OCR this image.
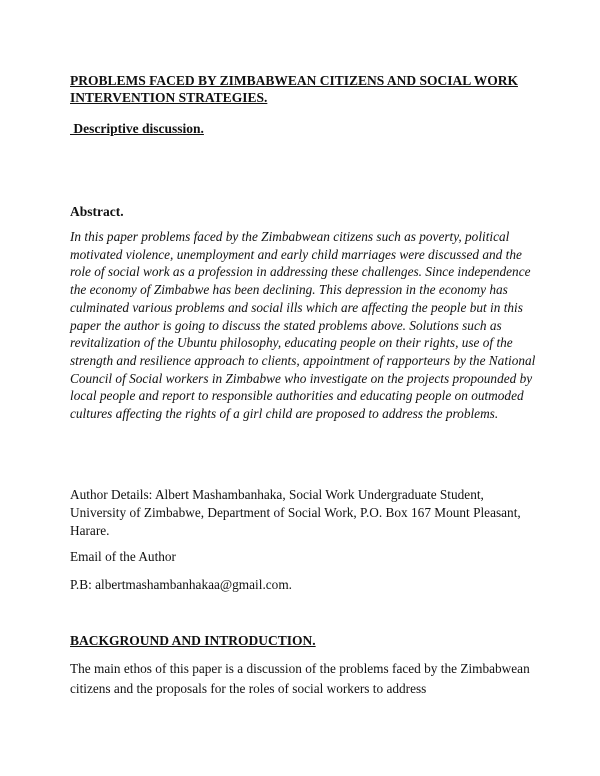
PROBLEMS FACED BY ZIMBABWEAN CITIZENS AND SOCIAL WORK INTERVENTION STRATEGIES.

Descriptive discussion.

Abstract.

In this paper problems faced by the Zimbabwean citizens such as poverty, political motivated violence, unemployment and early child marriages were discussed and the role of social work as a profession in addressing these challenges. Since independence the economy of Zimbabwe has been declining. This depression in the economy has culminated various problems and social ills which are affecting the people but in this paper the author is going to discuss the stated problems above. Solutions such as revitalization of the Ubuntu philosophy, educating people on their rights, use of the strength and resilience approach to clients, appointment of rapporteurs by the National Council of Social workers in Zimbabwe who investigate on the projects propounded by local people and report to responsible authorities and educating people on outmoded cultures affecting the rights of a girl child are proposed to address the problems.

Author Details: Albert Mashambanhaka, Social Work Undergraduate Student, University of Zimbabwe, Department of Social Work, P.O. Box 167 Mount Pleasant, Harare.

Email of the Author

P.B: albertmashambanhakaa@gmail.com.

BACKGROUND AND INTRODUCTION.

The main ethos of this paper is a discussion of the problems faced by the Zimbabwean citizens and the proposals for the roles of social workers to address
